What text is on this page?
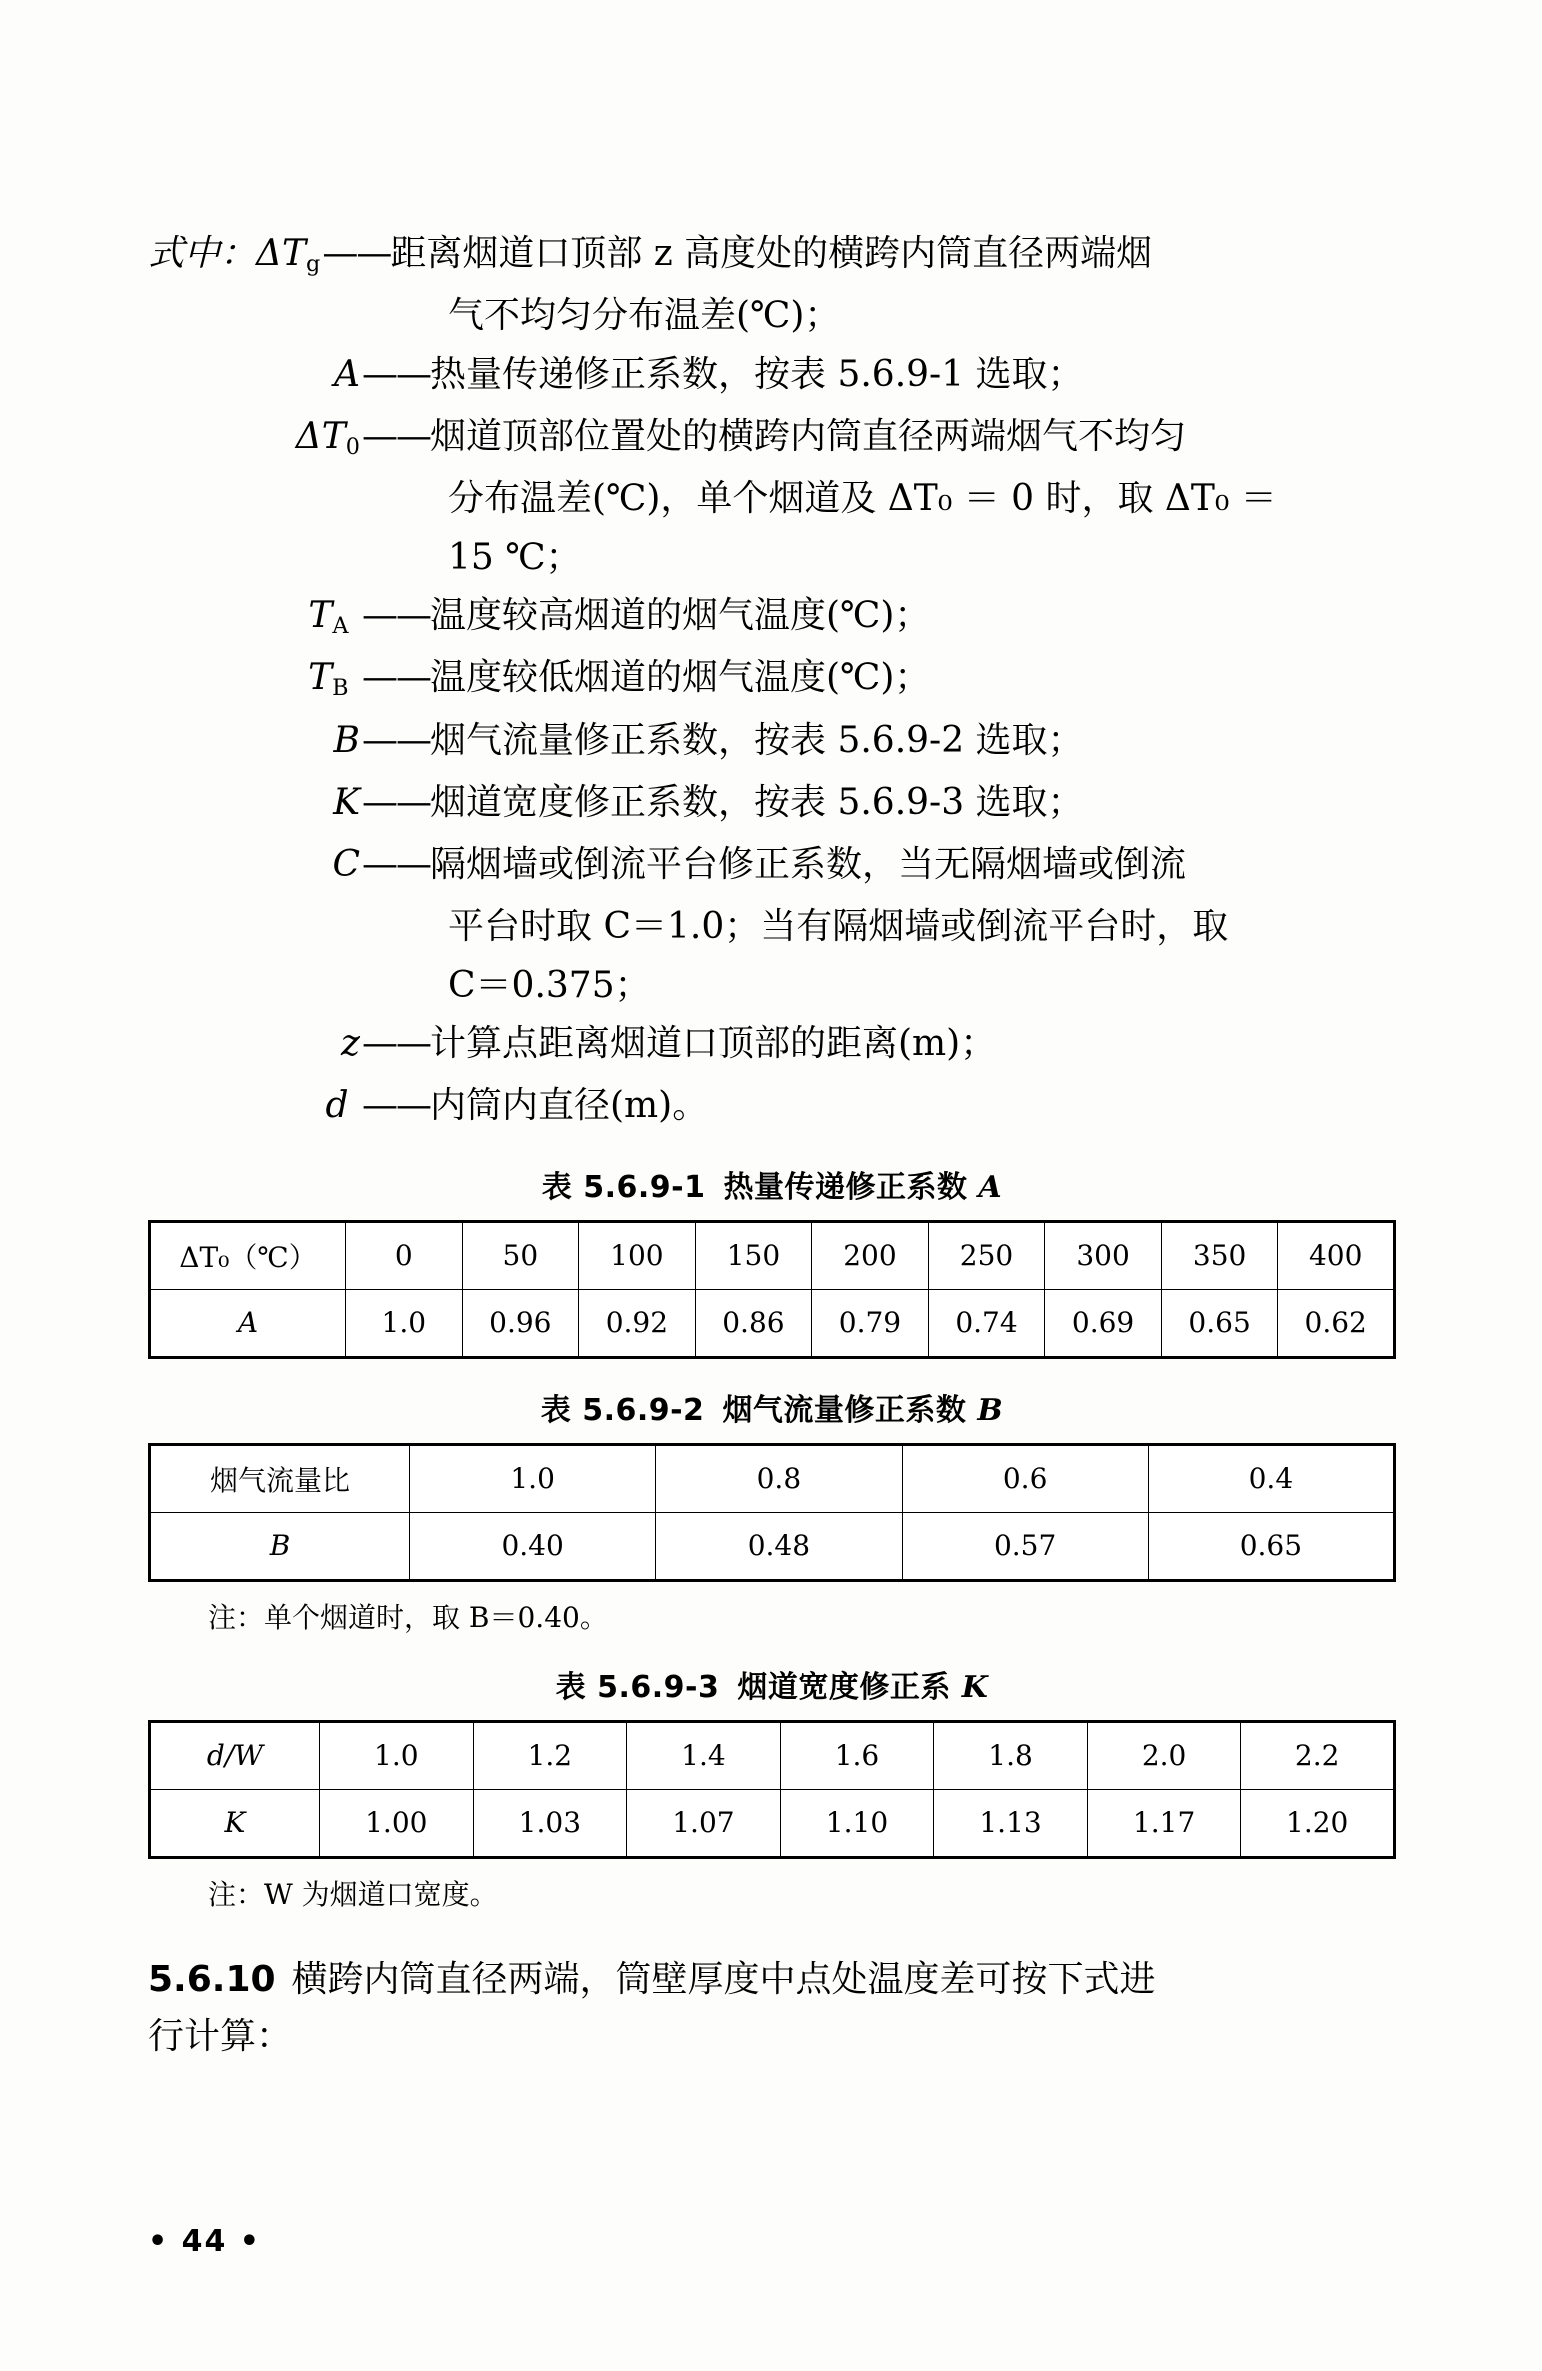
式中：$\Delta T_g$ —— 距离烟道口顶部 z 高度处的横跨内筒直径两端烟
气不均匀分布温差(℃)；
A —— 热量传递修正系数，按表 5.6.9-1 选取；
$\Delta T_0$ —— 烟道顶部位置处的横跨内筒直径两端烟气不均匀
分布温差(℃)，单个烟道及 ΔT₀ ＝ 0 时，取 ΔT₀ ＝
15 ℃；
$T_A$ —— 温度较高烟道的烟气温度(℃)；
$T_B$ —— 温度较低烟道的烟气温度(℃)；
B —— 烟气流量修正系数，按表 5.6.9-2 选取；
K —— 烟道宽度修正系数，按表 5.6.9-3 选取；
C —— 隔烟墙或倒流平台修正系数，当无隔烟墙或倒流
平台时取 C＝1.0；当有隔烟墙或倒流平台时，取
C＝0.375；
z —— 计算点距离烟道口顶部的距离(m)；
d —— 内筒内直径(m)。
表 5.6.9-1 热量传递修正系数 A
ΔT₀（℃）	0	50	100	150	200	250	300	350	400
A	1.0	0.96	0.92	0.86	0.79	0.74	0.69	0.65	0.62
表 5.6.9-2 烟气流量修正系数 B
烟气流量比	1.0	0.8	0.6	0.4
B	0.40	0.48	0.57	0.65
注：单个烟道时，取 B＝0.40。
表 5.6.9-3 烟道宽度修正系 K
d/W	1.0	1.2	1.4	1.6	1.8	2.0	2.2
K	1.00	1.03	1.07	1.10	1.13	1.17	1.20
注：W 为烟道口宽度。
5.6.10 横跨内筒直径两端，筒壁厚度中点处温度差可按下式进
行计算：
• 44 •
